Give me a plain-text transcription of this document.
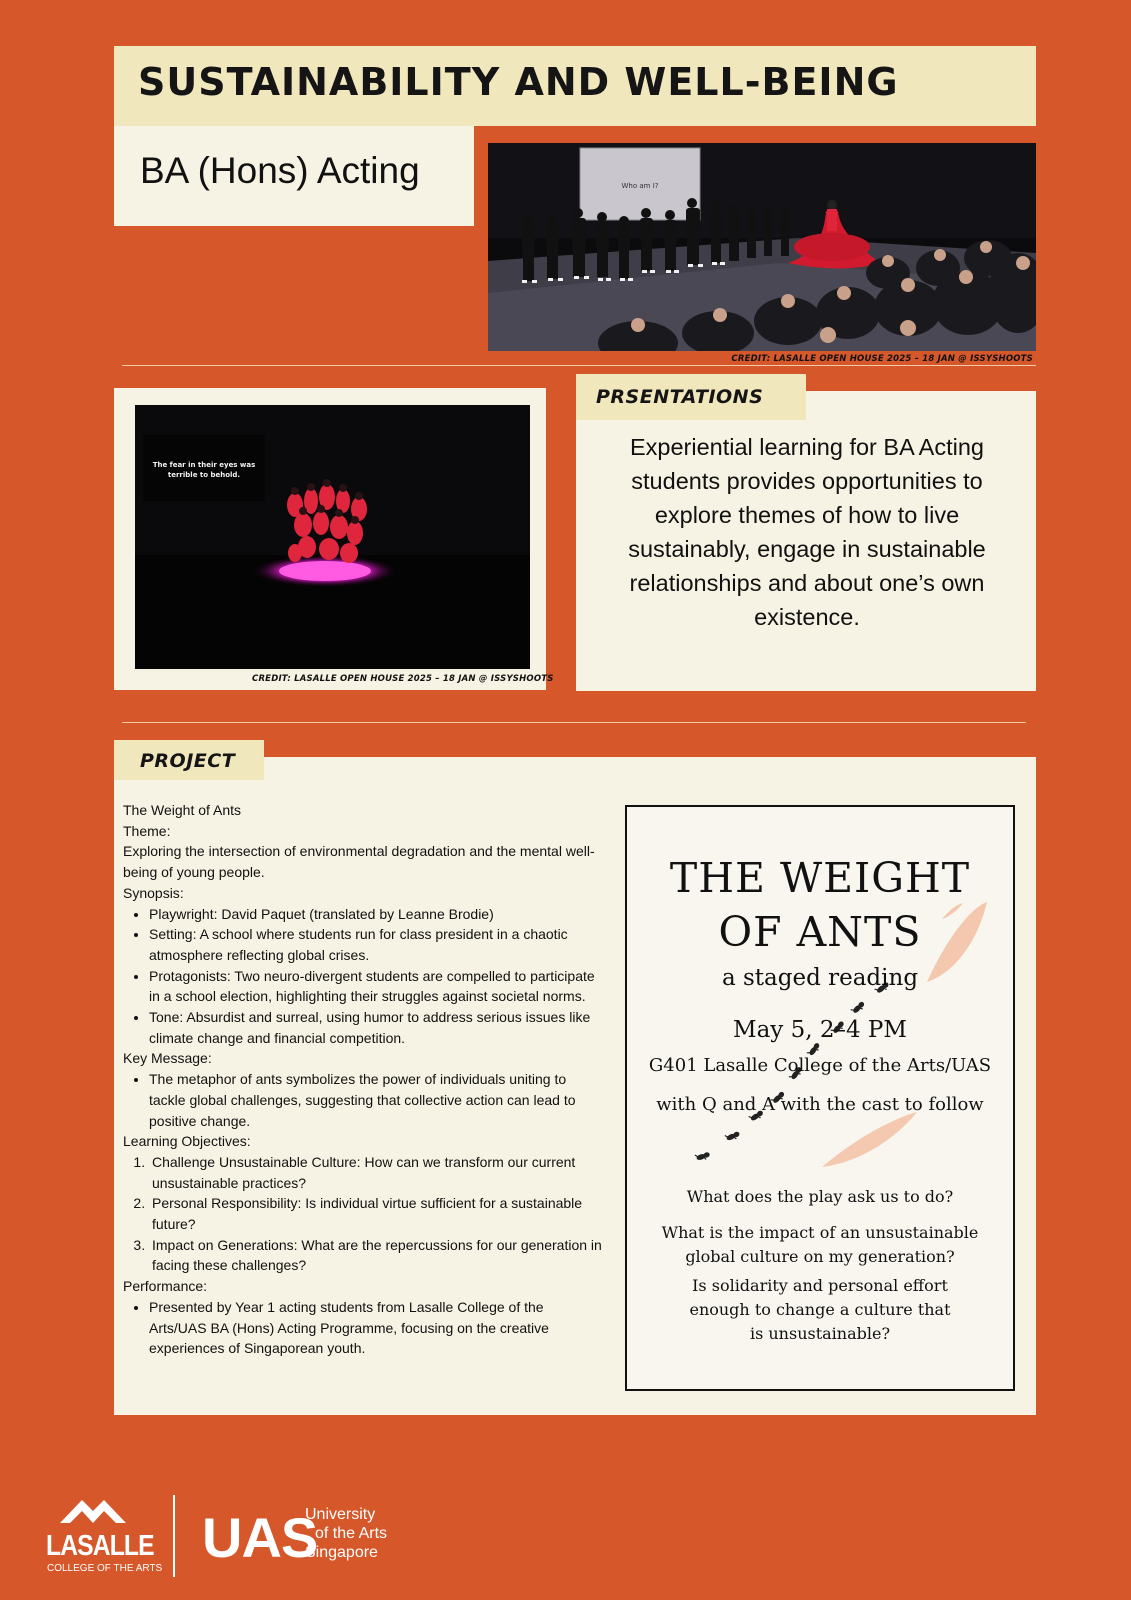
SUSTAINABILITY AND WELL-BEING
BA (Hons) Acting	Who am I?
CREDIT: LASALLE OPEN HOUSE 2025 – 18 JAN @ ISSYSHOOTS
The fear in their eyes was
terrible to behold.
CREDIT: LASALLE OPEN HOUSE 2025 – 18 JAN @ ISSYSHOOTS
PRSENTATIONS
Experiential learning for BA Acting students provides opportunities to explore themes of how to live sustainably, engage in sustainable relationships and about one’s own existence.
PROJECT

The Weight of Ants

Theme:

Exploring the intersection of environmental degradation and the mental well-being of young people.

Synopsis:

• Playwright: David Paquet (translated by Leanne Brodie)
• Setting: A school where students run for class president in a chaotic atmosphere reflecting global crises.
• Protagonists: Two neuro-divergent students are compelled to participate in a school election, highlighting their struggles against societal norms.
• Tone: Absurdist and surreal, using humor to address serious issues like climate change and financial competition.

Key Message:

• The metaphor of ants symbolizes the power of individuals uniting to tackle global challenges, suggesting that collective action can lead to positive change.

Learning Objectives:

1. Challenge Unsustainable Culture: How can we transform our current unsustainable practices?
2. Personal Responsibility: Is individual virtue sufficient for a sustainable future?
3. Impact on Generations: What are the repercussions for our generation in facing these challenges?

Performance:

• Presented by Year 1 acting students from Lasalle College of the Arts/UAS BA (Hons) Acting Programme, focusing on the creative experiences of Singaporean youth.
THE WEIGHT
OF ANTS
a staged reading
May 5, 2–4 PM
G401 Lasalle College of the Arts/UAS
with Q and A with the cast to follow
What does the play ask us to do?
What is the impact of an unsustainable
global culture on my generation?
Is solidarity and personal effort
enough to change a culture that
is unsustainable?
LASALLE
COLLEGE OF THE ARTS UAS
University
of the Arts
Singapore
